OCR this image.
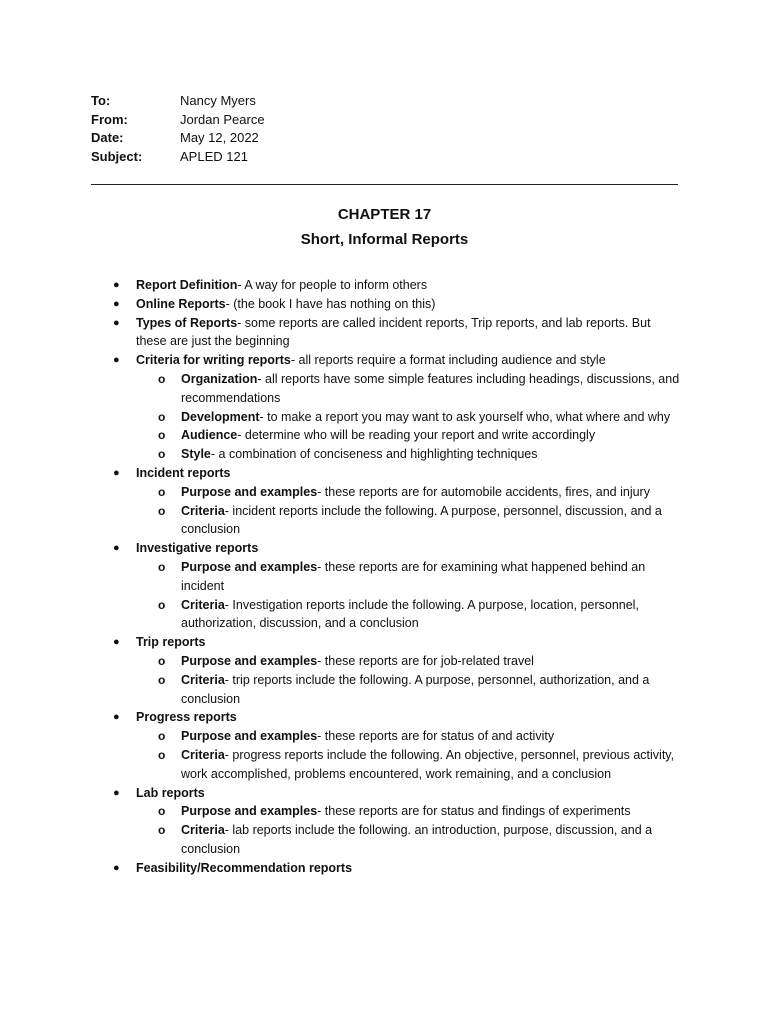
To:	Nancy Myers
From:	Jordan Pearce
Date:	May 12, 2022
Subject:	APLED 121
CHAPTER 17
Short, Informal Reports
● Report Definition- A way for people to inform others
● Online Reports- (the book I have has nothing on this)
● Types of Reports- some reports are called incident reports, Trip reports, and lab reports. But these are just the beginning
● Criteria for writing reports- all reports require a format including audience and style
o Organization- all reports have some simple features including headings, discussions, and recommendations
o Development- to make a report you may want to ask yourself who, what where and why
o Audience- determine who will be reading your report and write accordingly
o Style- a combination of conciseness and highlighting techniques
● Incident reports
o Purpose and examples- these reports are for automobile accidents, fires, and injury
o Criteria- incident reports include the following. A purpose, personnel, discussion, and a conclusion
● Investigative reports
o Purpose and examples- these reports are for examining what happened behind an incident
o Criteria- Investigation reports include the following. A purpose, location, personnel, authorization, discussion, and a conclusion
● Trip reports
o Purpose and examples- these reports are for job-related travel
o Criteria- trip reports include the following. A purpose, personnel, authorization, and a conclusion
● Progress reports
o Purpose and examples- these reports are for status of and activity
o Criteria- progress reports include the following. An objective, personnel, previous activity, work accomplished, problems encountered, work remaining, and a conclusion
● Lab reports
o Purpose and examples- these reports are for status and findings of experiments
o Criteria- lab reports include the following. an introduction, purpose, discussion, and a conclusion
● Feasibility/Recommendation reports
